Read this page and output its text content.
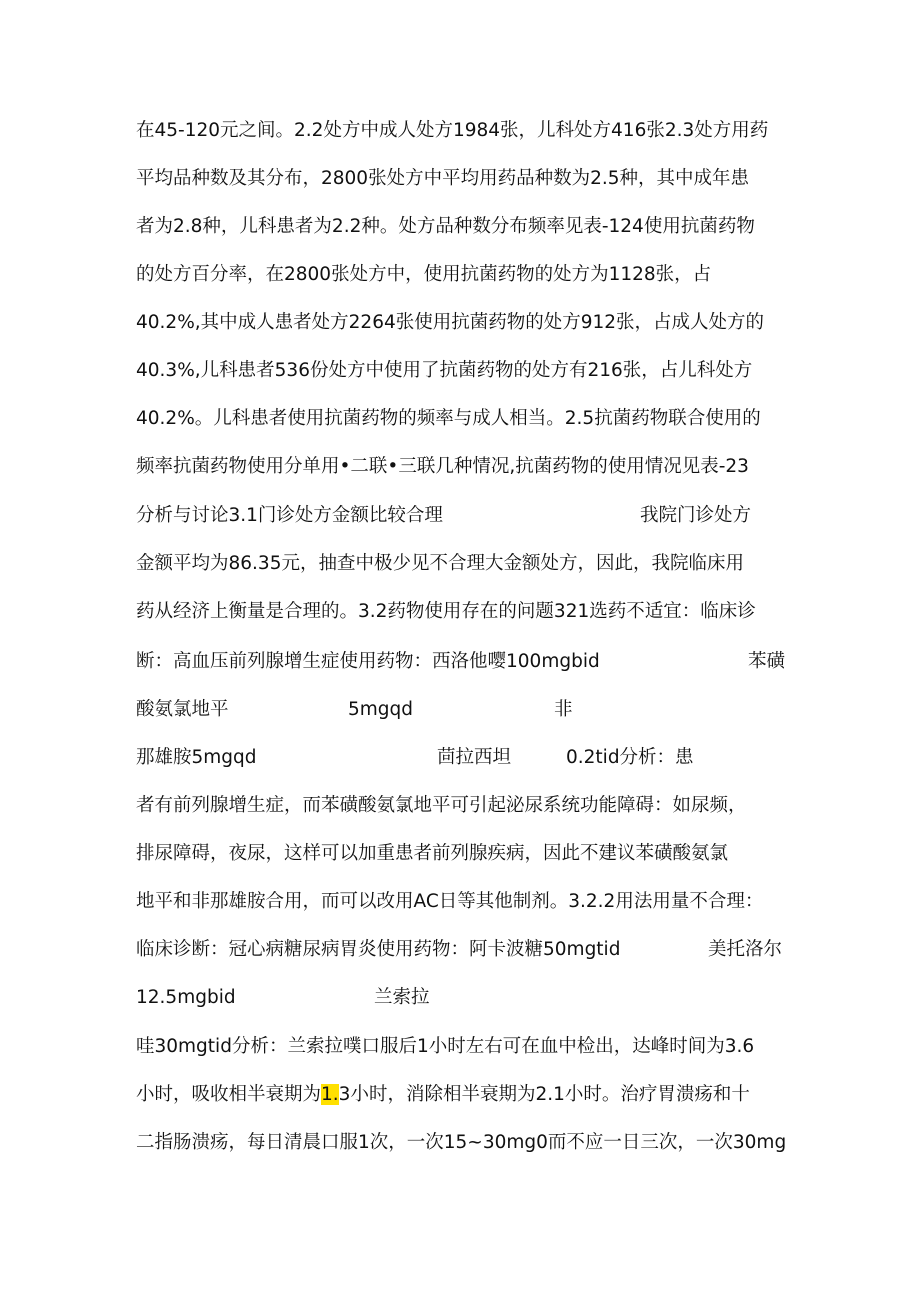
在45-120元之间。2.2处方中成人处方1984张，儿科处方416张2.3处方用药
平均品种数及其分布，2800张处方中平均用药品种数为2.5种，其中成年患
者为2.8种，儿科患者为2.2种。处方品种数分布频率见表-124使用抗菌药物
的处方百分率，在2800张处方中，使用抗菌药物的处方为1128张，占
40.2%,其中成人患者处方2264张使用抗菌药物的处方912张，占成人处方的
40.3%,儿科患者536份处方中使用了抗菌药物的处方有216张，占儿科处方
40.2%。儿科患者使用抗菌药物的频率与成人相当。2.5抗菌药物联合使用的
频率抗菌药物使用分单用•二联•三联几种情况,抗菌药物的使用情况见表-23
分析与讨论3.1门诊处方金额比较合理	我院门诊处方
金额平均为86.35元，抽查中极少见不合理大金额处方，因此，我院临床用
药从经济上衡量是合理的。3.2药物使用存在的问题321选药不适宜：临床诊
断：高血压前列腺增生症使用药物：西洛他嘤100mgbid	苯磺
酸氨氯地平	5mgqd	非
那雄胺5mgqd	茴拉西坦	0.2tid分析：患
者有前列腺增生症，而苯磺酸氨氯地平可引起泌尿系统功能障碍：如尿频，
排尿障碍，夜尿，这样可以加重患者前列腺疾病，因此不建议苯磺酸氨氯
地平和非那雄胺合用，而可以改用AC日等其他制剂。3.2.2用法用量不合理：
临床诊断：冠心病糖尿病胃炎使用药物：阿卡波糖50mgtid	美托洛尔
12.5mgbid	兰索拉
哇30mgtid分析：兰索拉噗口服后1小时左右可在血中检出，达峰时间为3.6
小时，吸收相半衰期为1.3小时，消除相半衰期为2.1小时。治疗胃溃疡和十
二指肠溃疡，每日清晨口服1次，一次15~30mg0而不应一日三次，一次30mg
